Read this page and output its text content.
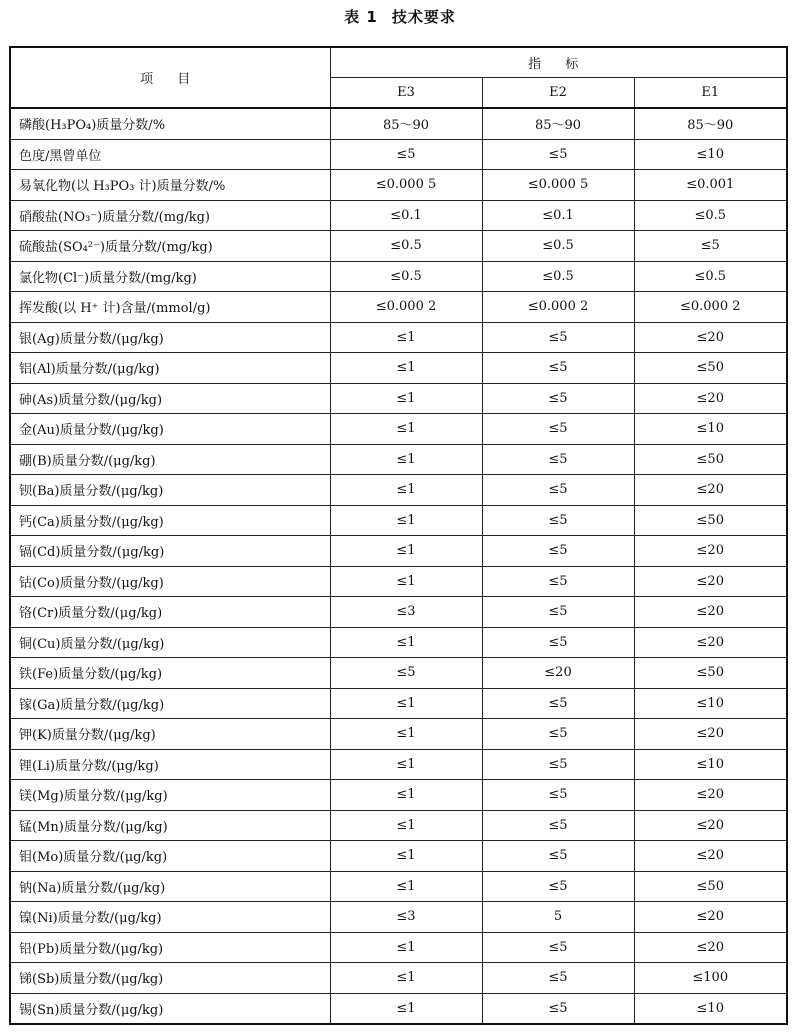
表 1 技术要求
项 目	指 标		
	E3	E2	E1
磷酸(H₃PO₄)质量分数/%	85～90	85～90	85～90
色度/黑曾单位	≤5	≤5	≤10
易氧化物(以 H₃PO₃ 计)质量分数/%	≤0.000 5	≤0.000 5	≤0.001
硝酸盐(NO₃⁻)质量分数/(mg/kg)	≤0.1	≤0.1	≤0.5
硫酸盐(SO₄²⁻)质量分数/(mg/kg)	≤0.5	≤0.5	≤5
氯化物(Cl⁻)质量分数/(mg/kg)	≤0.5	≤0.5	≤0.5
挥发酸(以 H⁺ 计)含量/(mmol/g)	≤0.000 2	≤0.000 2	≤0.000 2
银(Ag)质量分数/(μg/kg)	≤1	≤5	≤20
铝(Al)质量分数/(μg/kg)	≤1	≤5	≤50
砷(As)质量分数/(μg/kg)	≤1	≤5	≤20
金(Au)质量分数/(μg/kg)	≤1	≤5	≤10
硼(B)质量分数/(μg/kg)	≤1	≤5	≤50
钡(Ba)质量分数/(μg/kg)	≤1	≤5	≤20
钙(Ca)质量分数/(μg/kg)	≤1	≤5	≤50
镉(Cd)质量分数/(μg/kg)	≤1	≤5	≤20
钴(Co)质量分数/(μg/kg)	≤1	≤5	≤20
铬(Cr)质量分数/(μg/kg)	≤3	≤5	≤20
铜(Cu)质量分数/(μg/kg)	≤1	≤5	≤20
铁(Fe)质量分数/(μg/kg)	≤5	≤20	≤50
镓(Ga)质量分数/(μg/kg)	≤1	≤5	≤10
钾(K)质量分数/(μg/kg)	≤1	≤5	≤20
锂(Li)质量分数/(μg/kg)	≤1	≤5	≤10
镁(Mg)质量分数/(μg/kg)	≤1	≤5	≤20
锰(Mn)质量分数/(μg/kg)	≤1	≤5	≤20
钼(Mo)质量分数/(μg/kg)	≤1	≤5	≤20
钠(Na)质量分数/(μg/kg)	≤1	≤5	≤50
镍(Ni)质量分数/(μg/kg)	≤3	5	≤20
铅(Pb)质量分数/(μg/kg)	≤1	≤5	≤20
锑(Sb)质量分数/(μg/kg)	≤1	≤5	≤100
锡(Sn)质量分数/(μg/kg)	≤1	≤5	≤10
